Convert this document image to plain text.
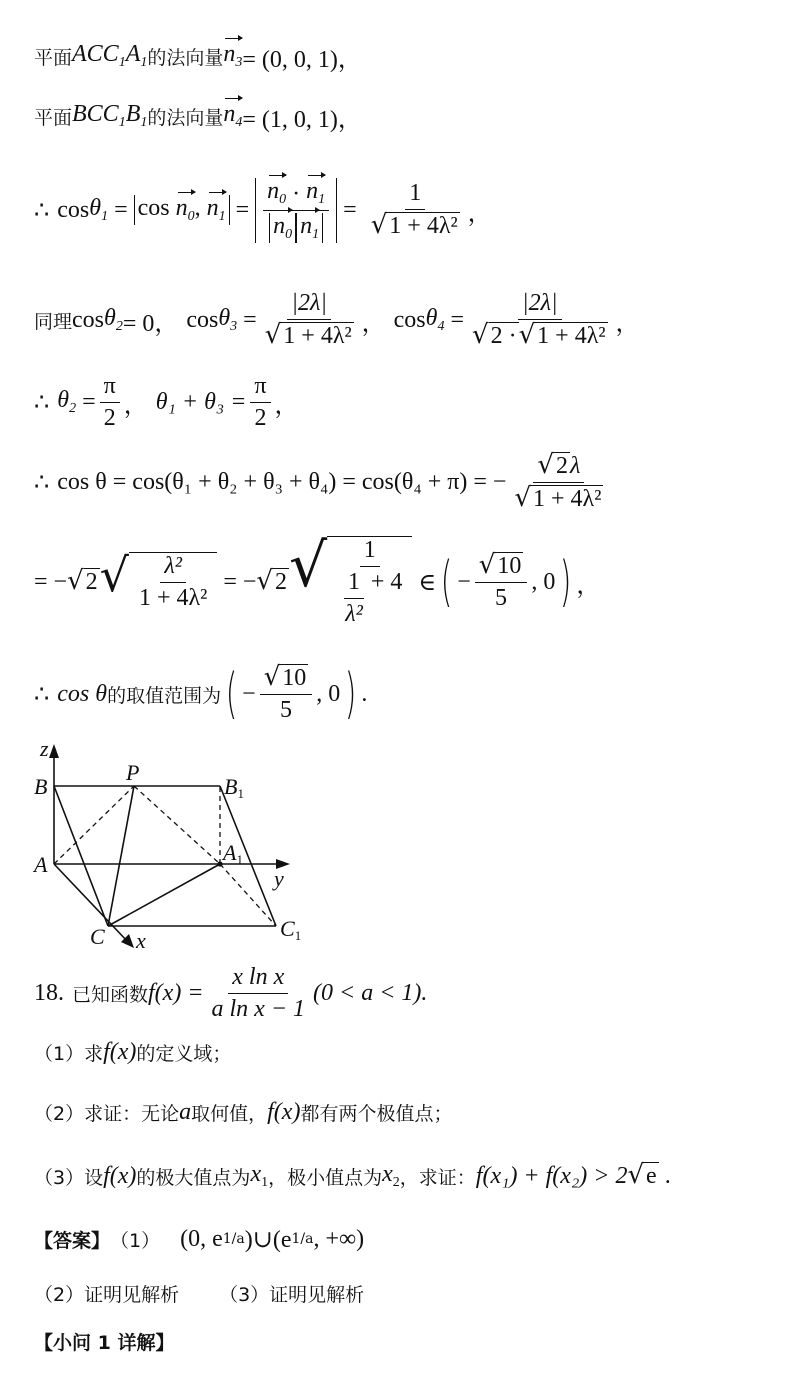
平面 $ACC_1A_1$ 的法向量 $n_3 = (0$, 0, 1)，
平面 $BCC_1B_1$ 的法向量 $n_4 = (1$, 0, 1)，
∴ $\cos \theta_1 = \cos n_0$, $n_1 = \frac{n_0 \cdot n_1}{n_0 n_1} = \frac{1}{\text{√ 1 + 4λ²}}$ ，
同理 $\cos \theta_2 = 0$， $\cos \theta_3 = \frac{|2\lambda|}{\text{√ 1 + 4λ²}}$ ， $\cos \theta_4 = \frac{|2\lambda|}{\text{√ 2 · √ 1 + 4λ²}}$ ，
∴ $\theta_2$
= $\frac{\pi}{2}$ ， $\theta_1 + \theta_3 = \frac{\pi}{2}$ ，
∴ cos θ = cos(θ₁ + θ₂ + θ₃ + θ₄) = cos(θ₄ + π) = − $\frac{√ 2 \lambda}{\text{√ 1 + 4λ²}}$
= − √ 2 √ $\frac{\text{λ²}}{\text{1 + 4λ²}}$
= − √ 2 √ $\frac{1}{\frac{1}{\text{λ²}} + 4}$
∈ ( − $\frac{√ 10}{5}$ , 0 ) ，
∴ cos θ 的取值范围为 ( − $\frac{√ 10}{5}$ , 0 ) .
z
B
P
B1
A	A1
y
C x	C1
18. 已知函数 $f(x) = \frac{\text{x ln x}}{\text{a ln x − 1}} (0 < a < 1)$.
（1） 求 f(x) 的定义域；
（2） 求证：无论 a 取何值， f(x) 都有两个极值点；
（3） 设 f(x) 的极大值点为 $x_1$ ，极小值点为 $x_2$ ，求证： f(x₁) + f(x₂) > 2 √ e
.
【答案】 （1） (0, e 1/a )∪(e 1/a , +∞)
（2）证明见解析 （3）证明见解析
【小问 1 详解】
